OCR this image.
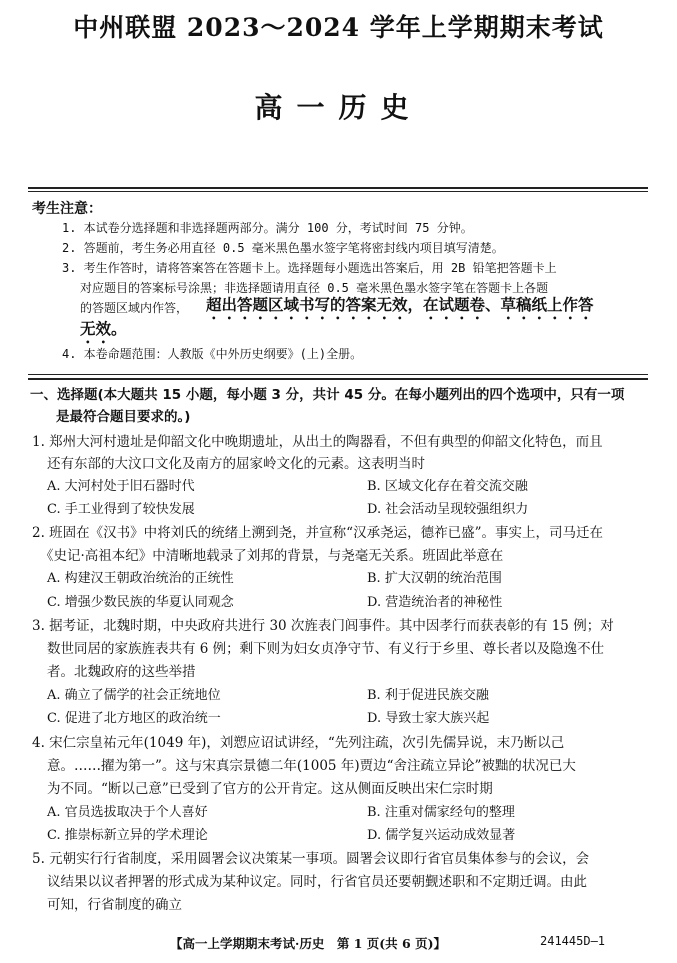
中州联盟 2023～2024 学年上学期期末考试
高一历史
考生注意：
1. 本试卷分选择题和非选择题两部分。满分 100 分，考试时间 75 分钟。
2. 答题前，考生务必用直径 0.5 毫米黑色墨水签字笔将密封线内项目填写清楚。
3. 考生作答时，请将答案答在答题卡上。选择题每小题选出答案后，用 2B 铅笔把答题卡上
对应题目的答案标号涂黑；非选择题请用直径 0.5 毫米黑色墨水签字笔在答题卡上各题
的答题区域内作答， 超出答题区域书写的答案无效，在试题卷、草稿纸上作答
无效。
4. 本卷命题范围：人教版《中外历史纲要》(上)全册。
一、选择题(本大题共 15 小题，每小题 3 分，共计 45 分。在每小题列出的四个选项中，只有一项
是最符合题目要求的。)
1. 郑州大河村遗址是仰韶文化中晚期遗址，从出土的陶器看，不但有典型的仰韶文化特色，而且
还有东部的大汶口文化及南方的屈家岭文化的元素。这表明当时
A. 大河村处于旧石器时代	B. 区域文化存在着交流交融
C. 手工业得到了较快发展	D. 社会活动呈现较强组织力
2. 班固在《汉书》中将刘氏的统绪上溯到尧，并宣称“汉承尧运，德祚已盛”。事实上，司马迁在
《史记·高祖本纪》中清晰地载录了刘邦的背景，与尧毫无关系。班固此举意在
A. 构建汉王朝政治统治的正统性	B. 扩大汉朝的统治范围
C. 增强少数民族的华夏认同观念	D. 营造统治者的神秘性
3. 据考证，北魏时期，中央政府共进行 30 次旌表门闾事件。其中因孝行而获表彰的有 15 例；对
数世同居的家族旌表共有 6 例；剩下则为妇女贞净守节、有义行于乡里、尊长者以及隐逸不仕
者。北魏政府的这些举措
A. 确立了儒学的社会正统地位	B. 利于促进民族交融
C. 促进了北方地区的政治统一	D. 导致士家大族兴起
4. 宋仁宗皇祐元年(1049 年)，刘愬应诏试讲经，“先列注疏，次引先儒异说，末乃断以己
意。……擢为第一”。这与宋真宗景德二年(1005 年)贾边“舍注疏立异论”被黜的状况已大
为不同。“断以己意”已受到了官方的公开肯定。这从侧面反映出宋仁宗时期
A. 官员选拔取决于个人喜好	B. 注重对儒家经句的整理
C. 推崇标新立异的学术理论	D. 儒学复兴运动成效显著
5. 元朝实行行省制度，采用圆署会议决策某一事项。圆署会议即行省官员集体参与的会议，会
议结果以议者押署的形式成为某种议定。同时，行省官员还要朝觐述职和不定期迁调。由此
可知，行省制度的确立
【高一上学期期末考试·历史　第 1 页(共 6 页)】	241445D—1
